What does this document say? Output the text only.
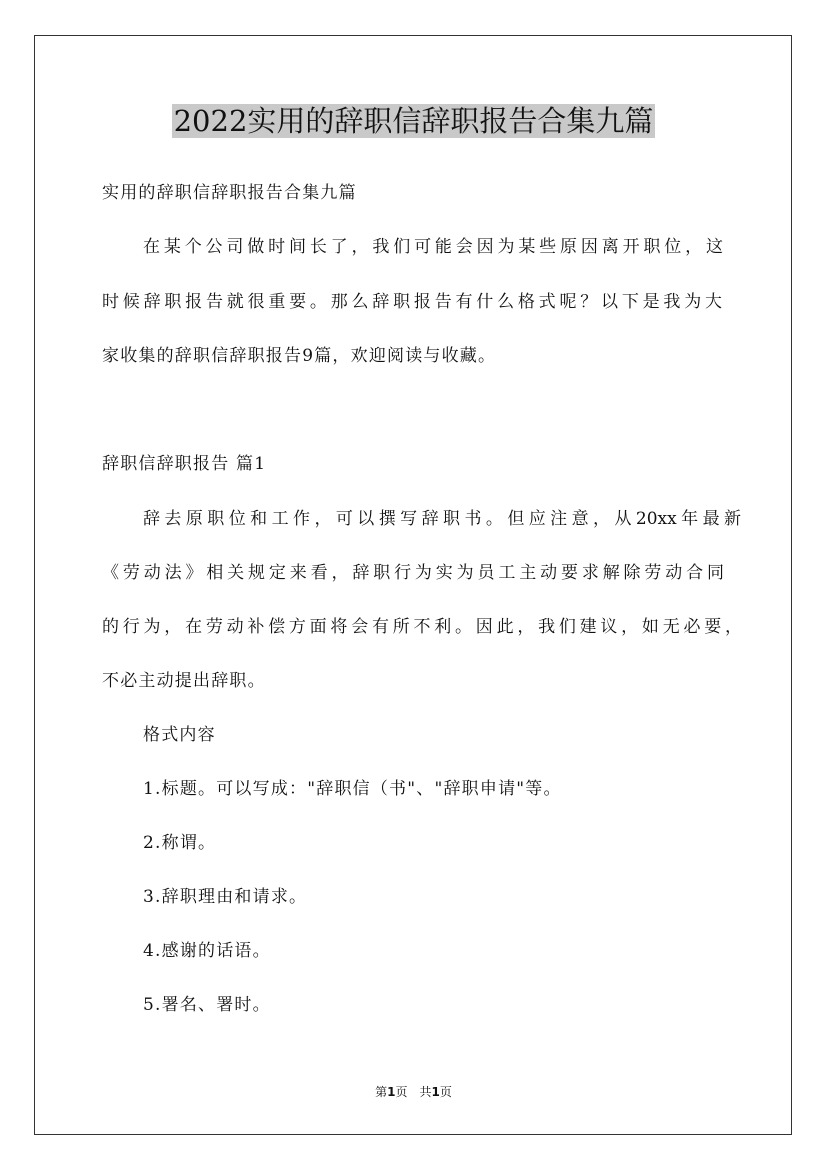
2022实用的辞职信辞职报告合集九篇
实用的辞职信辞职报告合集九篇
在某个公司做时间长了，我们可能会因为某些原因离开职位，这
时候辞职报告就很重要。那么辞职报告有什么格式呢？以下是我为大
家收集的辞职信辞职报告9篇，欢迎阅读与收藏。
辞职信辞职报告 篇1
辞去原职位和工作，可以撰写辞职书。但应注意，从20xx年最新
《劳动法》相关规定来看，辞职行为实为员工主动要求解除劳动合同
的行为，在劳动补偿方面将会有所不利。因此，我们建议，如无必要，
不必主动提出辞职。
格式内容
1.标题。可以写成："辞职信（书"、"辞职申请"等。
2.称谓。
3.辞职理由和请求。
4.感谢的话语。
5.署名、署时。
第1页　共1页
